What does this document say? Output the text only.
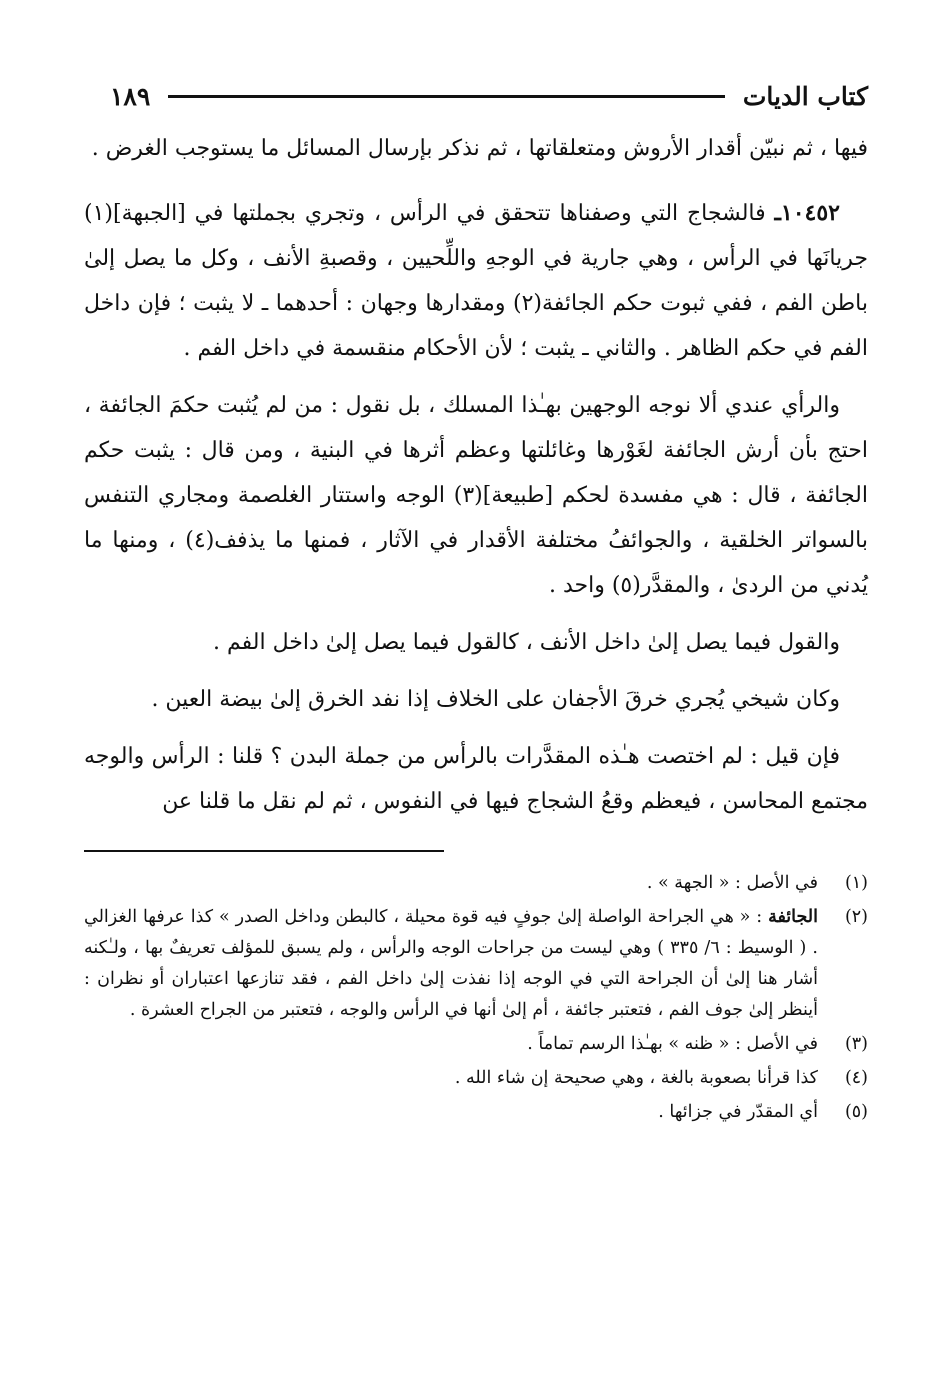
كتاب الديات
١٨٩

فيها ، ثم نبيّن أقدار الأروش ومتعلقاتها ، ثم نذكر بإرسال المسائل ما يستوجب الغرض .

١٠٤٥٢ـ فالشجاج التي وصفناها تتحقق في الرأس ، وتجري بجملتها في [الجبهة](١) جريانَها في الرأس ، وهي جارية في الوجهِ واللِّحيين ، وقصبةِ الأنف ، وكل ما يصل إلىٰ باطن الفم ، ففي ثبوت حكم الجائفة(٢) ومقدارها وجهان : أحدهما ـ لا يثبت ؛ فإن داخل الفم في حكم الظاهر . والثاني ـ يثبت ؛ لأن الأحكام منقسمة في داخل الفم .

والرأي عندي ألا نوجه الوجهين بهـٰذا المسلك ، بل نقول : من لم يُثبت حكمَ الجائفة ، احتج بأن أرش الجائفة لغَوْرها وغائلتها وعظم أثرها في البنية ، ومن قال : يثبت حكم الجائفة ، قال : هي مفسدة لحكم [طبيعة](٣) الوجه واستتار الغلصمة ومجاري التنفس بالسواتر الخلقية ، والجوائفُ مختلفة الأقدار في الآثار ، فمنها ما يذفف(٤) ، ومنها ما يُدني من الردىٰ ، والمقدَّر(٥) واحد .

والقول فيما يصل إلىٰ داخل الأنف ، كالقول فيما يصل إلىٰ داخل الفم .

وكان شيخي يُجري خرقَ الأجفان على الخلاف إذا نفد الخرق إلىٰ بيضة العين .

فإن قيل : لم اختصت هـٰذه المقدَّرات بالرأس من جملة البدن ؟ قلنا : الرأس والوجه مجتمع المحاسن ، فيعظم وقعُ الشجاج فيها في النفوس ، ثم لم نقل ما قلنا عن

(١)
في الأصل : « الجهة » .
(٢)
الجائفة : « هي الجراحة الواصلة إلىٰ جوفٍ فيه قوة محيلة ، كالبطن وداخل الصدر » كذا عرفها الغزالي . ( الوسيط : ٦/ ٣٣٥ ) وهي ليست من جراحات الوجه والرأس ، ولم يسبق للمؤلف تعريفٌ بها ، ولـٰكنه أشار هنا إلىٰ أن الجراحة التي في الوجه إذا نفذت إلىٰ داخل الفم ، فقد تنازعها اعتباران أو نظران : أينظر إلىٰ جوف الفم ، فتعتبر جائفة ، أم إلىٰ أنها في الرأس والوجه ، فتعتبر من الجراح العشرة .
(٣)
في الأصل : « ظنه » بهـٰذا الرسم تماماً .
(٤)
كذا قرأنا بصعوبة بالغة ، وهي صحيحة إن شاء الله .
(٥)
أي المقدّر في جزائها .
